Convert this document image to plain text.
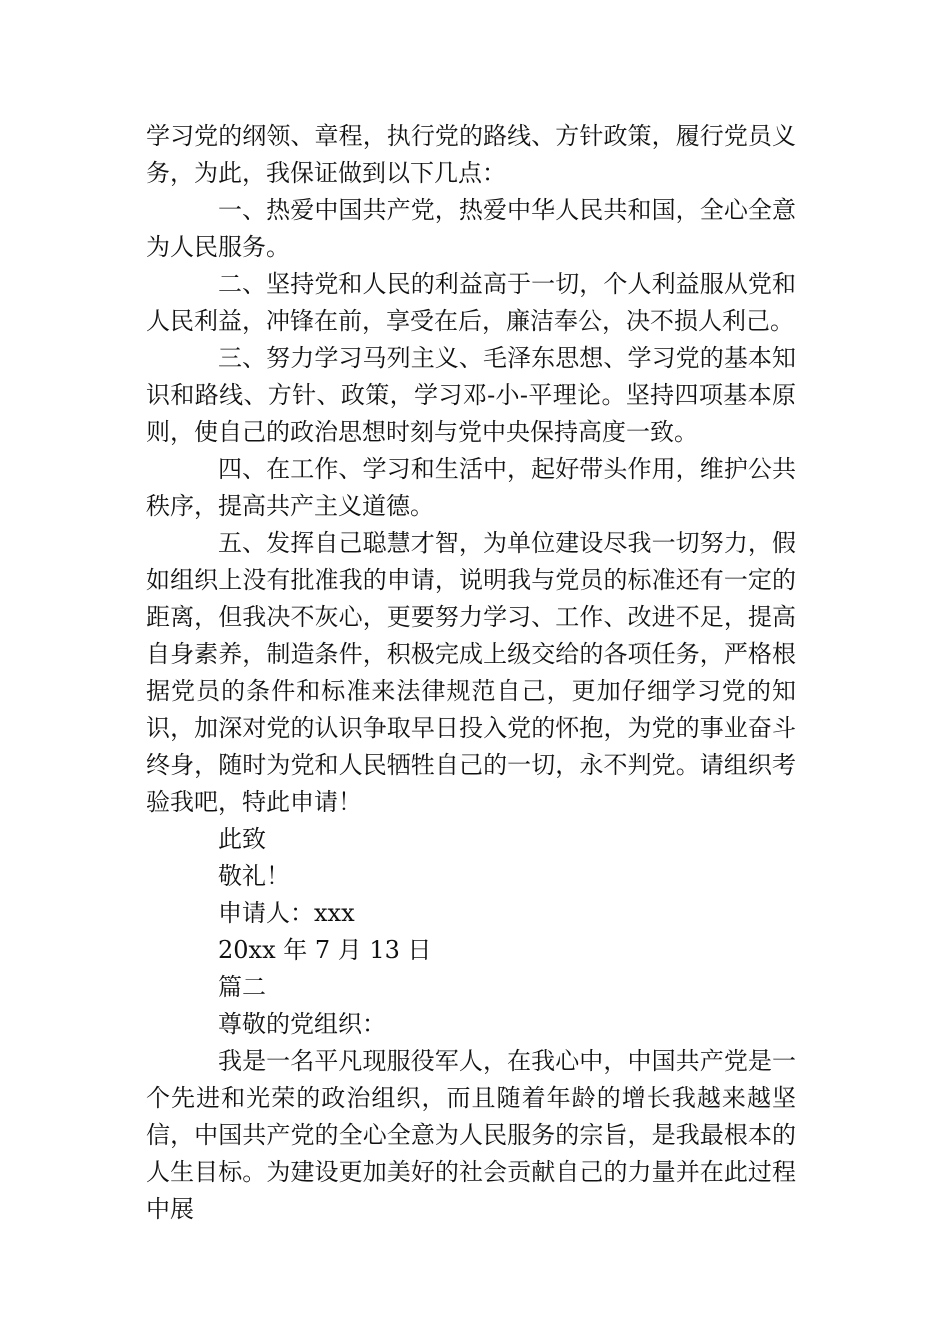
学习党的纲领、章程，执行党的路线、方针政策，履行党员义务，为此，我保证做到以下几点：

一、热爱中国共产党，热爱中华人民共和国，全心全意为人民服务。

二、坚持党和人民的利益高于一切，个人利益服从党和人民利益，冲锋在前，享受在后，廉洁奉公，决不损人利己。

三、努力学习马列主义、毛泽东思想、学习党的基本知识和路线、方针、政策，学习邓-小-平理论。坚持四项基本原则，使自己的政治思想时刻与党中央保持高度一致。

四、在工作、学习和生活中，起好带头作用，维护公共秩序，提高共产主义道德。

五、发挥自己聪慧才智，为单位建设尽我一切努力，假如组织上没有批准我的申请，说明我与党员的标准还有一定的距离，但我决不灰心，更要努力学习、工作、改进不足，提高自身素养，制造条件，积极完成上级交给的各项任务，严格根据党员的条件和标准来法律规范自己，更加仔细学习党的知识，加深对党的认识争取早日投入党的怀抱，为党的事业奋斗终身，随时为党和人民牺牲自己的一切，永不判党。请组织考验我吧，特此申请！

此致

敬礼！

申请人：xxx

20xx 年 7 月 13 日

篇二

尊敬的党组织：

我是一名平凡现服役军人，在我心中，中国共产党是一个先进和光荣的政治组织，而且随着年龄的增长我越来越坚信，中国共产党的全心全意为人民服务的宗旨，是我最根本的人生目标。为建设更加美好的社会贡献自己的力量并在此过程中展
